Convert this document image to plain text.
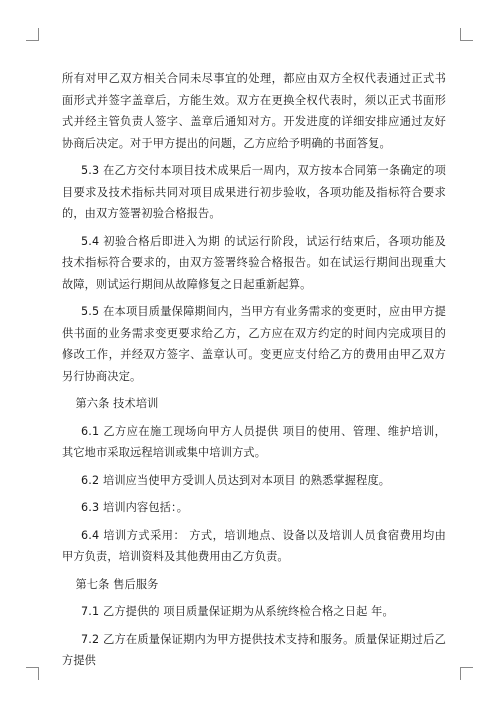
所有对甲乙双方相关合同未尽事宜的处理，都应由双方全权代表通过正式书面形式并签字盖章后，方能生效。双方在更换全权代表时，须以正式书面形式并经主管负责人签字、盖章后通知对方。开发进度的详细安排应通过友好协商后决定。对于甲方提出的问题，乙方应给予明确的书面答复。

5.3 在乙方交付本项目技术成果后一周内，双方按本合同第一条确定的项目要求及技术指标共同对项目成果进行初步验收，各项功能及指标符合要求的，由双方签署初验合格报告。

5.4 初验合格后即进入为期 的试运行阶段，试运行结束后，各项功能及技术指标符合要求的，由双方签署终验合格报告。如在试运行期间出现重大故障，则试运行期间从故障修复之日起重新起算。

5.5 在本项目质量保障期间内，当甲方有业务需求的变更时，应由甲方提供书面的业务需求变更要求给乙方，乙方应在双方约定的时间内完成项目的修改工作，并经双方签字、盖章认可。变更应支付给乙方的费用由甲乙双方另行协商决定。

第六条 技术培训

6.1 乙方应在施工现场向甲方人员提供 项目的使用、管理、维护培训，其它地市采取远程培训或集中培训方式。

6.2 培训应当使甲方受训人员达到对本项目 的熟悉掌握程度。

6.3 培训内容包括：。

6.4 培训方式采用： 方式，培训地点、设备以及培训人员食宿费用均由甲方负责，培训资料及其他费用由乙方负责。

第七条 售后服务

7.1 乙方提供的 项目质量保证期为从系统终检合格之日起 年。

7.2 乙方在质量保证期内为甲方提供技术支持和服务。质量保证期过后乙方提供
